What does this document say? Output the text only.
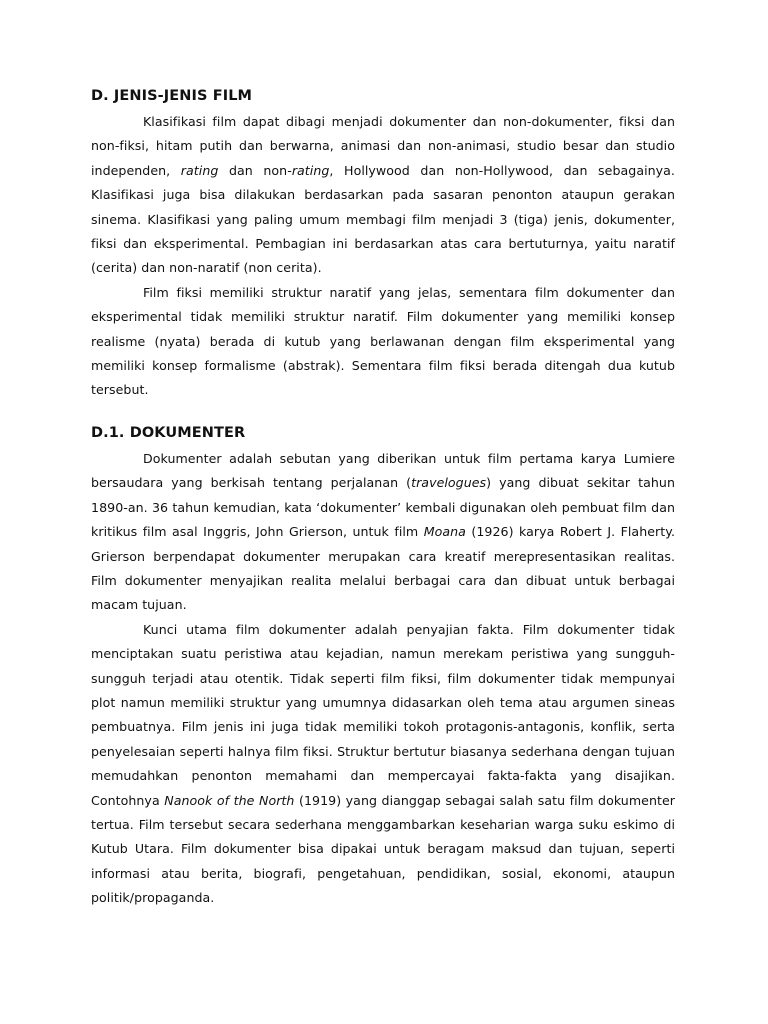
D. JENIS-JENIS FILM

Klasifikasi film dapat dibagi menjadi dokumenter dan non-dokumenter, fiksi dan non-fiksi, hitam putih dan berwarna, animasi dan non-animasi, studio besar dan studio independen, rating dan non-rating, Hollywood dan non-Hollywood, dan sebagainya. Klasifikasi juga bisa dilakukan berdasarkan pada sasaran penonton ataupun gerakan sinema. Klasifikasi yang paling umum membagi film menjadi 3 (tiga) jenis, dokumenter, fiksi dan eksperimental. Pembagian ini berdasarkan atas cara bertuturnya, yaitu naratif (cerita) dan non-naratif (non cerita).

Film fiksi memiliki struktur naratif yang jelas, sementara film dokumenter dan eksperimental tidak memiliki struktur naratif. Film dokumenter yang memiliki konsep realisme (nyata) berada di kutub yang berlawanan dengan film eksperimental yang memiliki konsep formalisme (abstrak). Sementara film fiksi berada ditengah dua kutub tersebut.

D.1. DOKUMENTER

Dokumenter adalah sebutan yang diberikan untuk film pertama karya Lumiere bersaudara yang berkisah tentang perjalanan (travelogues) yang dibuat sekitar tahun 1890-an. 36 tahun kemudian, kata ‘dokumenter’ kembali digunakan oleh pembuat film dan kritikus film asal Inggris, John Grierson, untuk film Moana (1926) karya Robert J. Flaherty. Grierson berpendapat dokumenter merupakan cara kreatif merepresentasikan realitas. Film dokumenter menyajikan realita melalui berbagai cara dan dibuat untuk berbagai macam tujuan.

Kunci utama film dokumenter adalah penyajian fakta. Film dokumenter tidak menciptakan suatu peristiwa atau kejadian, namun merekam peristiwa yang sungguh-sungguh terjadi atau otentik. Tidak seperti film fiksi, film dokumenter tidak mempunyai plot namun memiliki struktur yang umumnya didasarkan oleh tema atau argumen sineas pembuatnya. Film jenis ini juga tidak memiliki tokoh protagonis-antagonis, konflik, serta penyelesaian seperti halnya film fiksi. Struktur bertutur biasanya sederhana dengan tujuan memudahkan penonton memahami dan mempercayai fakta-fakta yang disajikan. Contohnya Nanook of the North (1919) yang dianggap sebagai salah satu film dokumenter tertua. Film tersebut secara sederhana menggambarkan keseharian warga suku eskimo di Kutub Utara. Film dokumenter bisa dipakai untuk beragam maksud dan tujuan, seperti informasi atau berita, biografi, pengetahuan, pendidikan, sosial, ekonomi, ataupun politik/propaganda.
